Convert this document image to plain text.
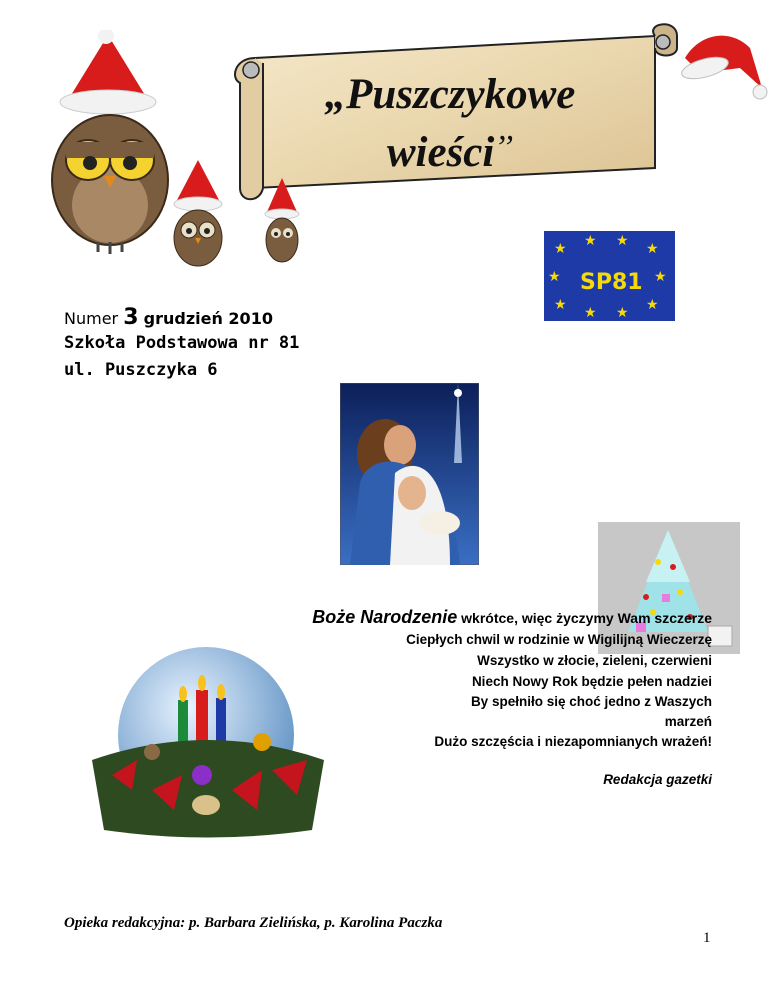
„Puszczykowe
wieści’’
★ ★ ★ ★
★	★
★ ★ ★ ★
SP81
Numer 3 grudzień 2010
Szkoła Podstawowa nr 81
ul. Puszczyka 6
Boże Narodzenie wkrótce, więc życzymy Wam szczerze
Ciepłych chwil w rodzinie w Wigilijną Wieczerzę
Wszystko w złocie, zieleni, czerwieni
Niech Nowy Rok będzie pełen nadziei
By spełniło się choć jedno z Waszych
marzeń
Dużo szczęścia i niezapomnianych wrażeń!
Redakcja gazetki
Opieka redakcyjna: p. Barbara Zielińska, p. Karolina Paczka
1
